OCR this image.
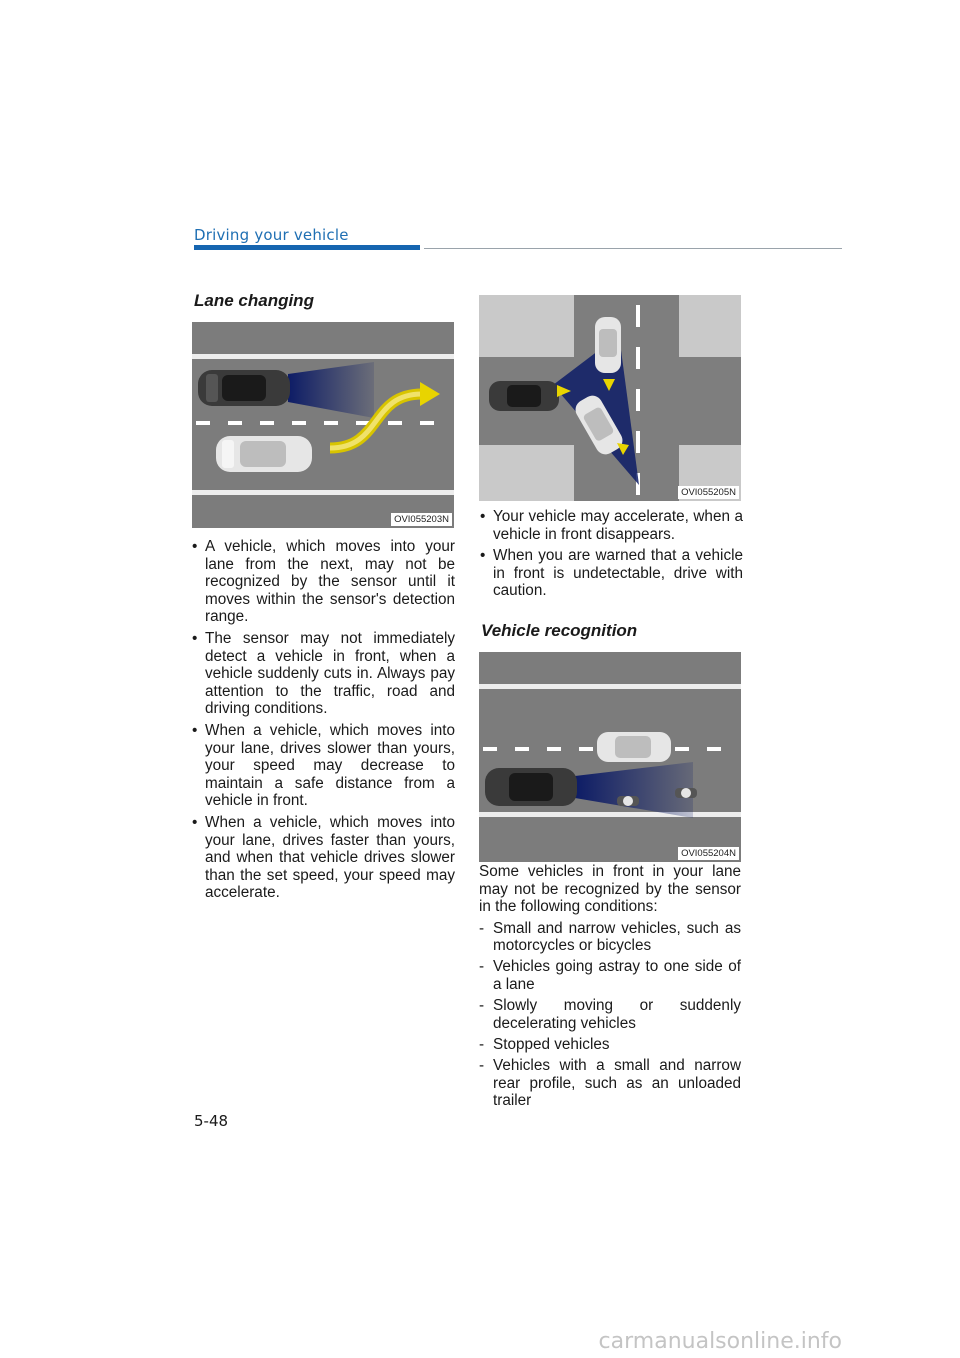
Driving your vehicle
Lane changing
OVI055203N

• A vehicle, which moves into your lane from the next, may not be recognized by the sensor until it moves within the sensor's detection range.

• The sensor may not immediately detect a vehicle in front, when a vehicle suddenly cuts in. Always pay attention to the traffic, road and driving conditions.

• When a vehicle, which moves into your lane, drives slower than yours, your speed may decrease to maintain a safe distance from a vehicle in front.

• When a vehicle, which moves into your lane, drives faster than yours, and when that vehicle drives slower than the set speed, your speed may accelerate.

OVI055205N

• Your vehicle may accelerate, when a vehicle in front disappears.

• When you are warned that a vehicle in front is undetectable, drive with caution.

Vehicle recognition
OVI055204N

Some vehicles in front in your lane may not be recognized by the sensor in the following conditions:

- Small and narrow vehicles, such as motorcycles or bicycles

- Vehicles going astray to one side of a lane

- Slowly moving or suddenly decelerating vehicles

- Stopped vehicles

- Vehicles with a small and narrow rear profile, such as an unloaded trailer

5-48
carmanualsonline.info
